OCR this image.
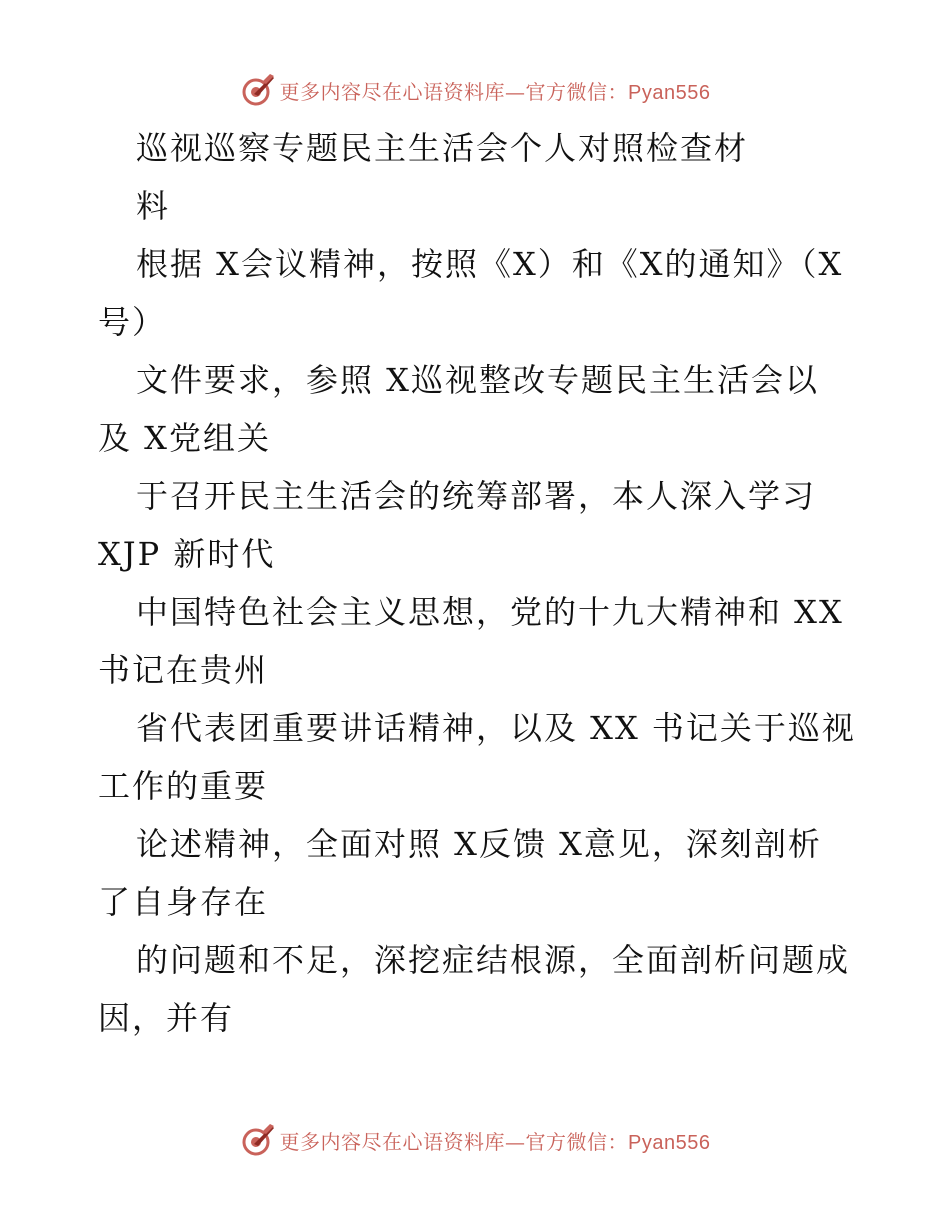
更多内容尽在心语资料库—官方微信：Pyan556
巡视巡察专题民主生活会个人对照检查材
料
根据 X会议精神，按照《X）和《X的通知》（X
号）
文件要求，参照 X巡视整改专题民主生活会以
及 X党组关
于召开民主生活会的统筹部署，本人深入学习
XJP 新时代
中国特色社会主义思想，党的十九大精神和 XX
书记在贵州
省代表团重要讲话精神，以及 XX 书记关于巡视
工作的重要
论述精神，全面对照 X反馈 X意见，深刻剖析
了自身存在
的问题和不足，深挖症结根源，全面剖析问题成
因，并有
更多内容尽在心语资料库—官方微信：Pyan556
